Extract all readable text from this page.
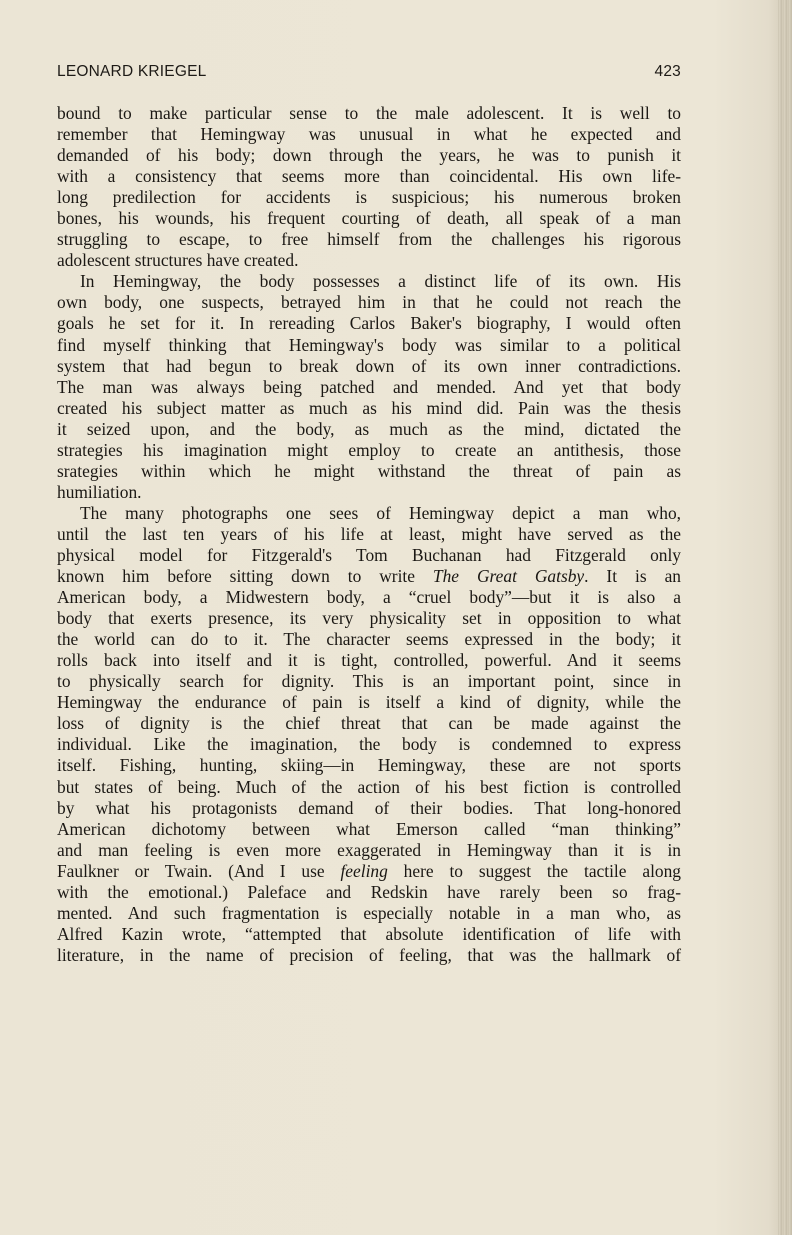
LEONARD KRIEGEL	423
bound to make particular sense to the male adolescent. It is well to
remember that Hemingway was unusual in what he expected and
demanded of his body; down through the years, he was to punish it
with a consistency that seems more than coincidental. His own life-
long predilection for accidents is suspicious; his numerous broken
bones, his wounds, his frequent courting of death, all speak of a man
struggling to escape, to free himself from the challenges his rigorous
adolescent structures have created.
In Hemingway, the body possesses a distinct life of its own. His
own body, one suspects, betrayed him in that he could not reach the
goals he set for it. In rereading Carlos Baker's biography, I would often
find myself thinking that Hemingway's body was similar to a political
system that had begun to break down of its own inner contradictions.
The man was always being patched and mended. And yet that body
created his subject matter as much as his mind did. Pain was the thesis
it seized upon, and the body, as much as the mind, dictated the
strategies his imagination might employ to create an antithesis, those
srategies within which he might withstand the threat of pain as
humiliation.
The many photographs one sees of Hemingway depict a man who,
until the last ten years of his life at least, might have served as the
physical model for Fitzgerald's Tom Buchanan had Fitzgerald only
known him before sitting down to write The Great Gatsby. It is an
American body, a Midwestern body, a “cruel body”—but it is also a
body that exerts presence, its very physicality set in opposition to what
the world can do to it. The character seems expressed in the body; it
rolls back into itself and it is tight, controlled, powerful. And it seems
to physically search for dignity. This is an important point, since in
Hemingway the endurance of pain is itself a kind of dignity, while the
loss of dignity is the chief threat that can be made against the
individual. Like the imagination, the body is condemned to express
itself. Fishing, hunting, skiing—in Hemingway, these are not sports
but states of being. Much of the action of his best fiction is controlled
by what his protagonists demand of their bodies. That long-honored
American dichotomy between what Emerson called “man thinking”
and man feeling is even more exaggerated in Hemingway than it is in
Faulkner or Twain. (And I use feeling here to suggest the tactile along
with the emotional.) Paleface and Redskin have rarely been so frag-
mented. And such fragmentation is especially notable in a man who, as
Alfred Kazin wrote, “attempted that absolute identification of life with
literature, in the name of precision of feeling, that was the hallmark of
